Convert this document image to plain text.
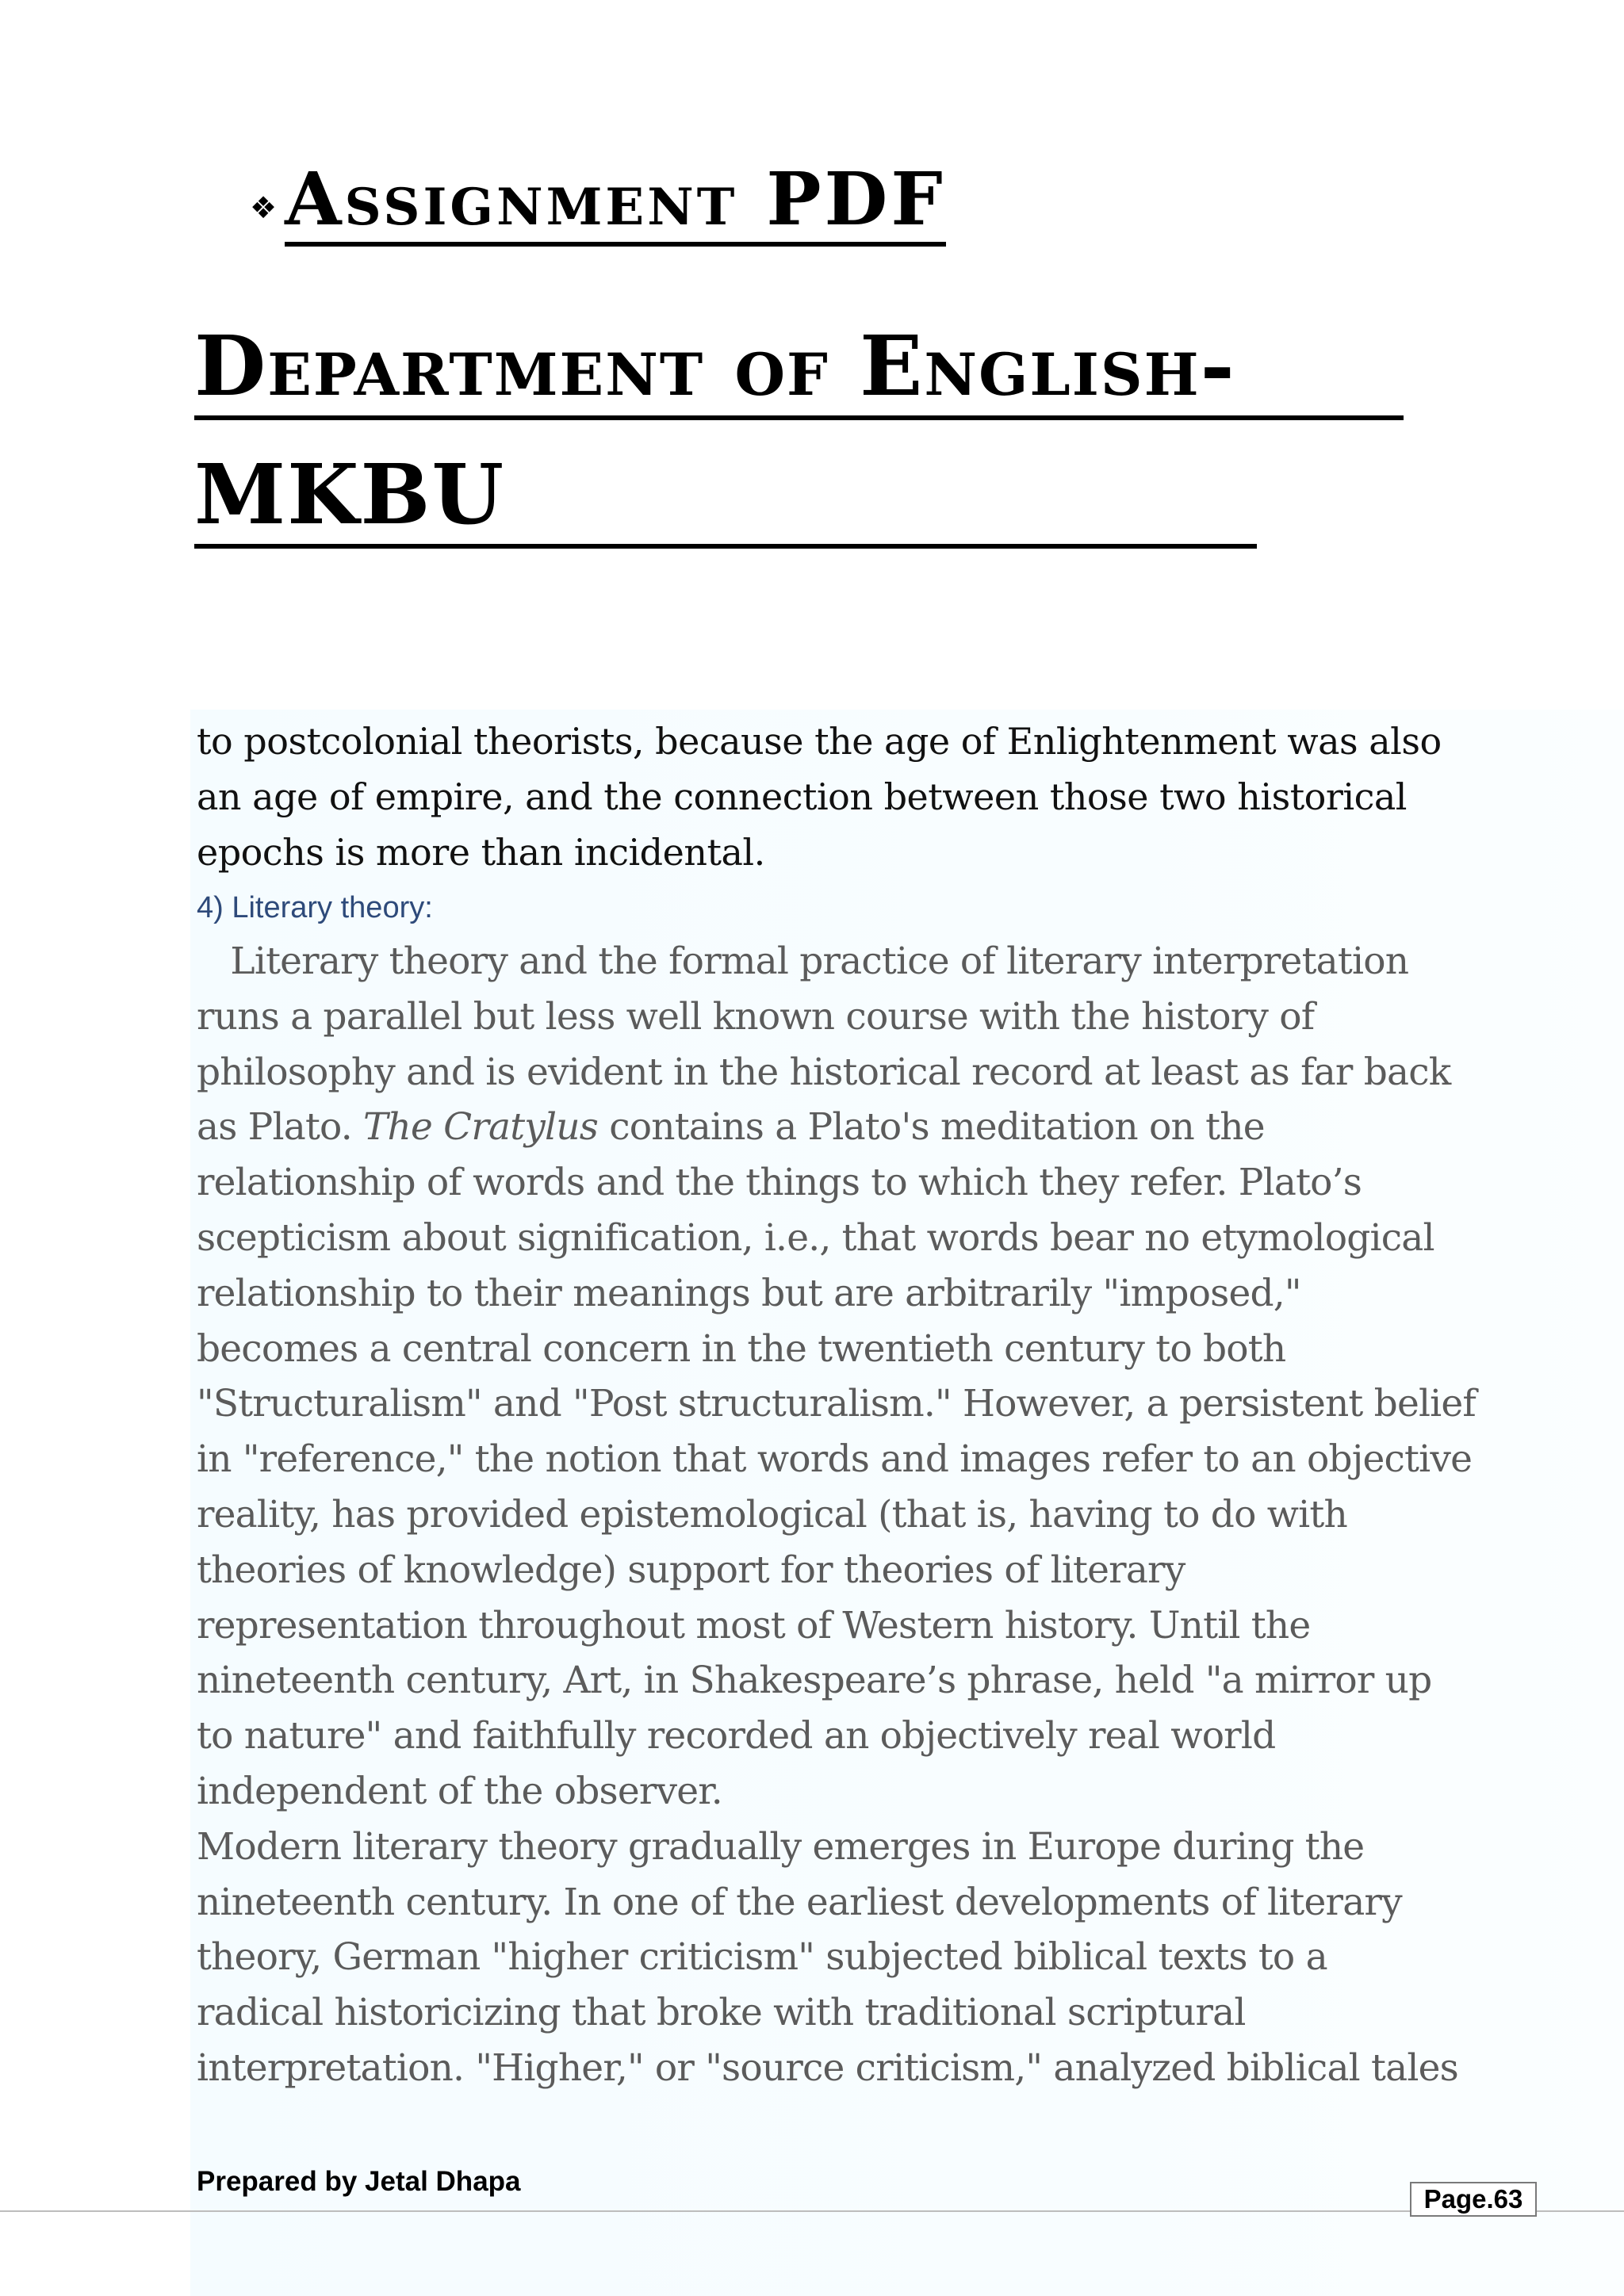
❖ Assignment PDF
Department of English-
MKBU
to postcolonial theorists, because the age of Enlightenment was also
an age of empire, and the connection between those two historical
epochs is more than incidental.
4) Literary theory:
Literary theory and the formal practice of literary interpretation
runs a parallel but less well known course with the history of
philosophy and is evident in the historical record at least as far back
as Plato. The Cratylus contains a Plato's meditation on the
relationship of words and the things to which they refer. Plato’s
scepticism about signification, i.e., that words bear no etymological
relationship to their meanings but are arbitrarily "imposed,"
becomes a central concern in the twentieth century to both
"Structuralism" and "Post structuralism." However, a persistent belief
in "reference," the notion that words and images refer to an objective
reality, has provided epistemological (that is, having to do with
theories of knowledge) support for theories of literary
representation throughout most of Western history. Until the
nineteenth century, Art, in Shakespeare’s phrase, held "a mirror up
to nature" and faithfully recorded an objectively real world
independent of the observer.
Modern literary theory gradually emerges in Europe during the
nineteenth century. In one of the earliest developments of literary
theory, German "higher criticism" subjected biblical texts to a
radical historicizing that broke with traditional scriptural
interpretation. "Higher," or "source criticism," analyzed biblical tales
Prepared by Jetal Dhapa
Page.63
